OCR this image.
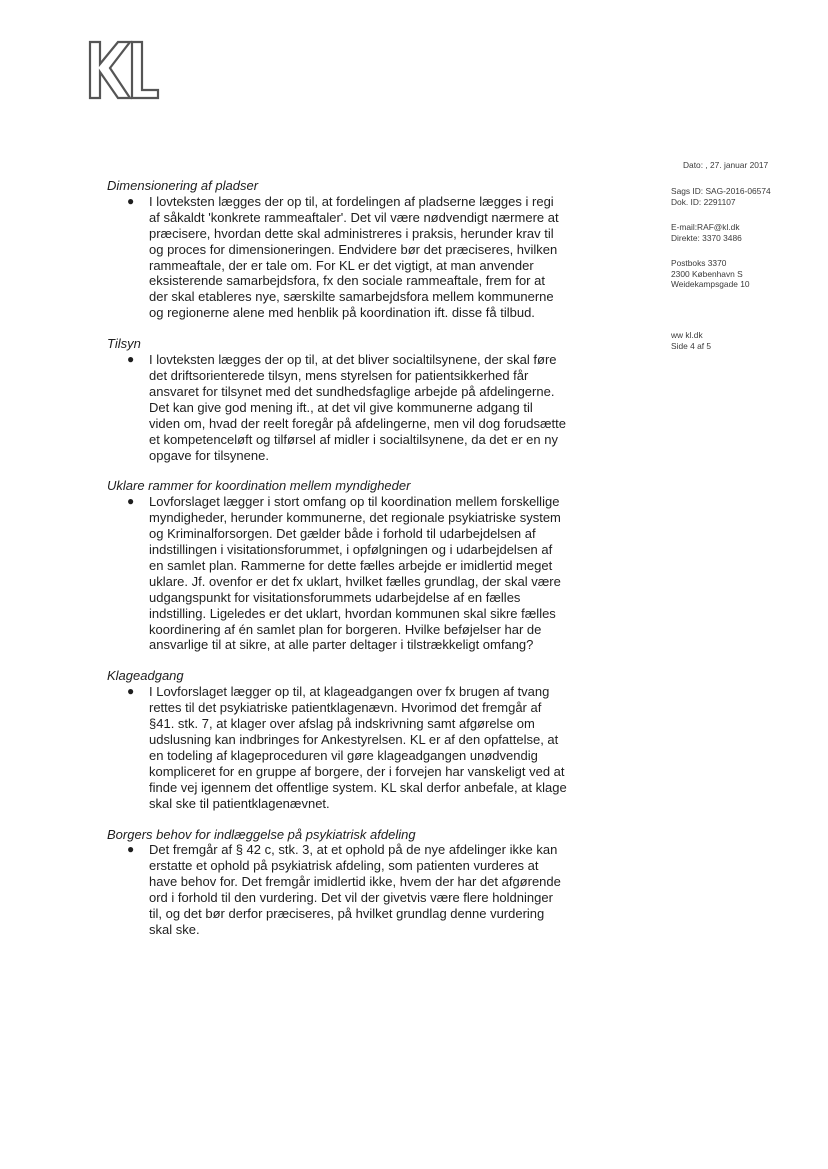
Dato: , 27. januar 2017
Sags ID: SAG-2016-06574
Dok. ID: 2291107
E-mail:RAF@kl.dk
Direkte: 3370 3486
Postboks 3370
2300 København S
Weidekampsgade 10
ww kl.dk
Side 4 af 5

Dimensionering af pladser

● I lovteksten lægges der op til, at fordelingen af pladserne lægges i regi af såkaldt 'konkrete rammeaftaler'. Det vil være nødvendigt nærmere at præcisere, hvordan dette skal administreres i praksis, herunder krav til og proces for dimensioneringen. Endvidere bør det præciseres, hvilken rammeaftale, der er tale om. For KL er det vigtigt, at man anvender eksisterende samarbejdsfora, fx den sociale rammeaftale, frem for at der skal etableres nye, særskilte samarbejdsfora mellem kommunerne og regionerne alene med henblik på koordination ift. disse få tilbud.

Tilsyn

● I lovteksten lægges der op til, at det bliver socialtilsynene, der skal føre det driftsorienterede tilsyn, mens styrelsen for patientsikkerhed får ansvaret for tilsynet med det sundhedsfaglige arbejde på afdelingerne. Det kan give god mening ift., at det vil give kommunerne adgang til viden om, hvad der reelt foregår på afdelingerne, men vil dog forudsætte et kompetenceløft og tilførsel af midler i socialtilsynene, da det er en ny opgave for tilsynene.

Uklare rammer for koordination mellem myndigheder

● Lovforslaget lægger i stort omfang op til koordination mellem forskellige myndigheder, herunder kommunerne, det regionale psykiatriske system og Kriminalforsorgen. Det gælder både i forhold til udarbejdelsen af indstillingen i visitationsforummet, i opfølgningen og i udarbejdelsen af en samlet plan. Rammerne for dette fælles arbejde er imidlertid meget uklare. Jf. ovenfor er det fx uklart, hvilket fælles grundlag, der skal være udgangspunkt for visitationsforummets udarbejdelse af en fælles indstilling. Ligeledes er det uklart, hvordan kommunen skal sikre fælles koordinering af én samlet plan for borgeren. Hvilke beføjelser har de ansvarlige til at sikre, at alle parter deltager i tilstrækkeligt omfang?

Klageadgang

● I Lovforslaget lægger op til, at klageadgangen over fx brugen af tvang rettes til det psykiatriske patientklagenævn. Hvorimod det fremgår af §41. stk. 7, at klager over afslag på indskrivning samt afgørelse om udslusning kan indbringes for Ankestyrelsen. KL er af den opfattelse, at en todeling af klageproceduren vil gøre klageadgangen unødvendig kompliceret for en gruppe af borgere, der i forvejen har vanskeligt ved at finde vej igennem det offentlige system. KL skal derfor anbefale, at klage skal ske til patientklagenævnet.

Borgers behov for indlæggelse på psykiatrisk afdeling

● Det fremgår af § 42 c, stk. 3, at et ophold på de nye afdelinger ikke kan erstatte et ophold på psykiatrisk afdeling, som patienten vurderes at have behov for. Det fremgår imidlertid ikke, hvem der har det afgørende ord i forhold til den vurdering. Det vil der givetvis være flere holdninger til, og det bør derfor præciseres, på hvilket grundlag denne vurdering skal ske.
